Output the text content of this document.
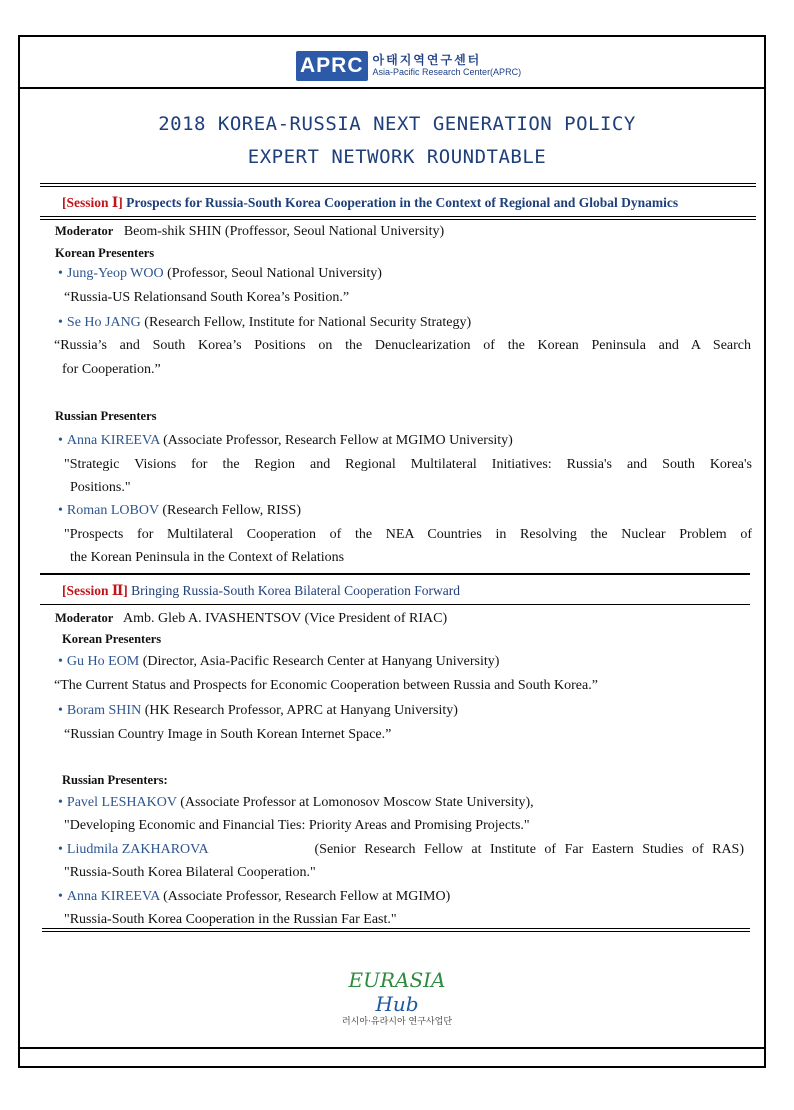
APRC 아태지역연구센터
Asia-Pacific Research Center(APRC)
2018 KOREA-RUSSIA NEXT GENERATION POLICY
EXPERT NETWORK ROUNDTABLE
[Session Ⅰ] Prospects for Russia-South Korea Cooperation in the Context of Regional and Global Dynamics
Moderator Beom-shik SHIN (Proffessor, Seoul National University)
Korean Presenters
• Jung-Yeop WOO (Professor, Seoul National University)
“Russia-US Relationsand South Korea’s Position.”
• Se Ho JANG (Research Fellow, Institute for National Security Strategy)
“Russia’s and South Korea’s Positions on the Denuclearization of the Korean Peninsula and A Search
for Cooperation.”
Russian Presenters
• Anna KIREEVA (Associate Professor, Research Fellow at MGIMO University)
"Strategic Visions for the Region and Regional Multilateral Initiatives: Russia's and South Korea's
Positions."
• Roman LOBOV (Research Fellow, RISS)
"Prospects for Multilateral Cooperation of the NEA Countries in Resolving the Nuclear Problem of
the Korean Peninsula in the Context of Relations
[Session Ⅱ] Bringing Russia-South Korea Bilateral Cooperation Forward
Moderator Amb. Gleb A. IVASHENTSOV (Vice President of RIAC)
Korean Presenters
• Gu Ho EOM (Director, Asia-Pacific Research Center at Hanyang University)
“The Current Status and Prospects for Economic Cooperation between Russia and South Korea.”
• Boram SHIN (HK Research Professor, APRC at Hanyang University)
“Russian Country Image in South Korean Internet Space.”
Russian Presenters:
• Pavel LESHAKOV (Associate Professor at Lomonosov Moscow State University),
"Developing Economic and Financial Ties: Priority Areas and Promising Projects."
• Liudmila ZAKHAROVA	(Senior Research Fellow at Institute of Far Eastern Studies of RAS)
"Russia-South Korea Bilateral Cooperation."
• Anna KIREEVA (Associate Professor, Research Fellow at MGIMO)
"Russia-South Korea Cooperation in the Russian Far East."
EURASIA Hub
러시아·유라시아 연구사업단
